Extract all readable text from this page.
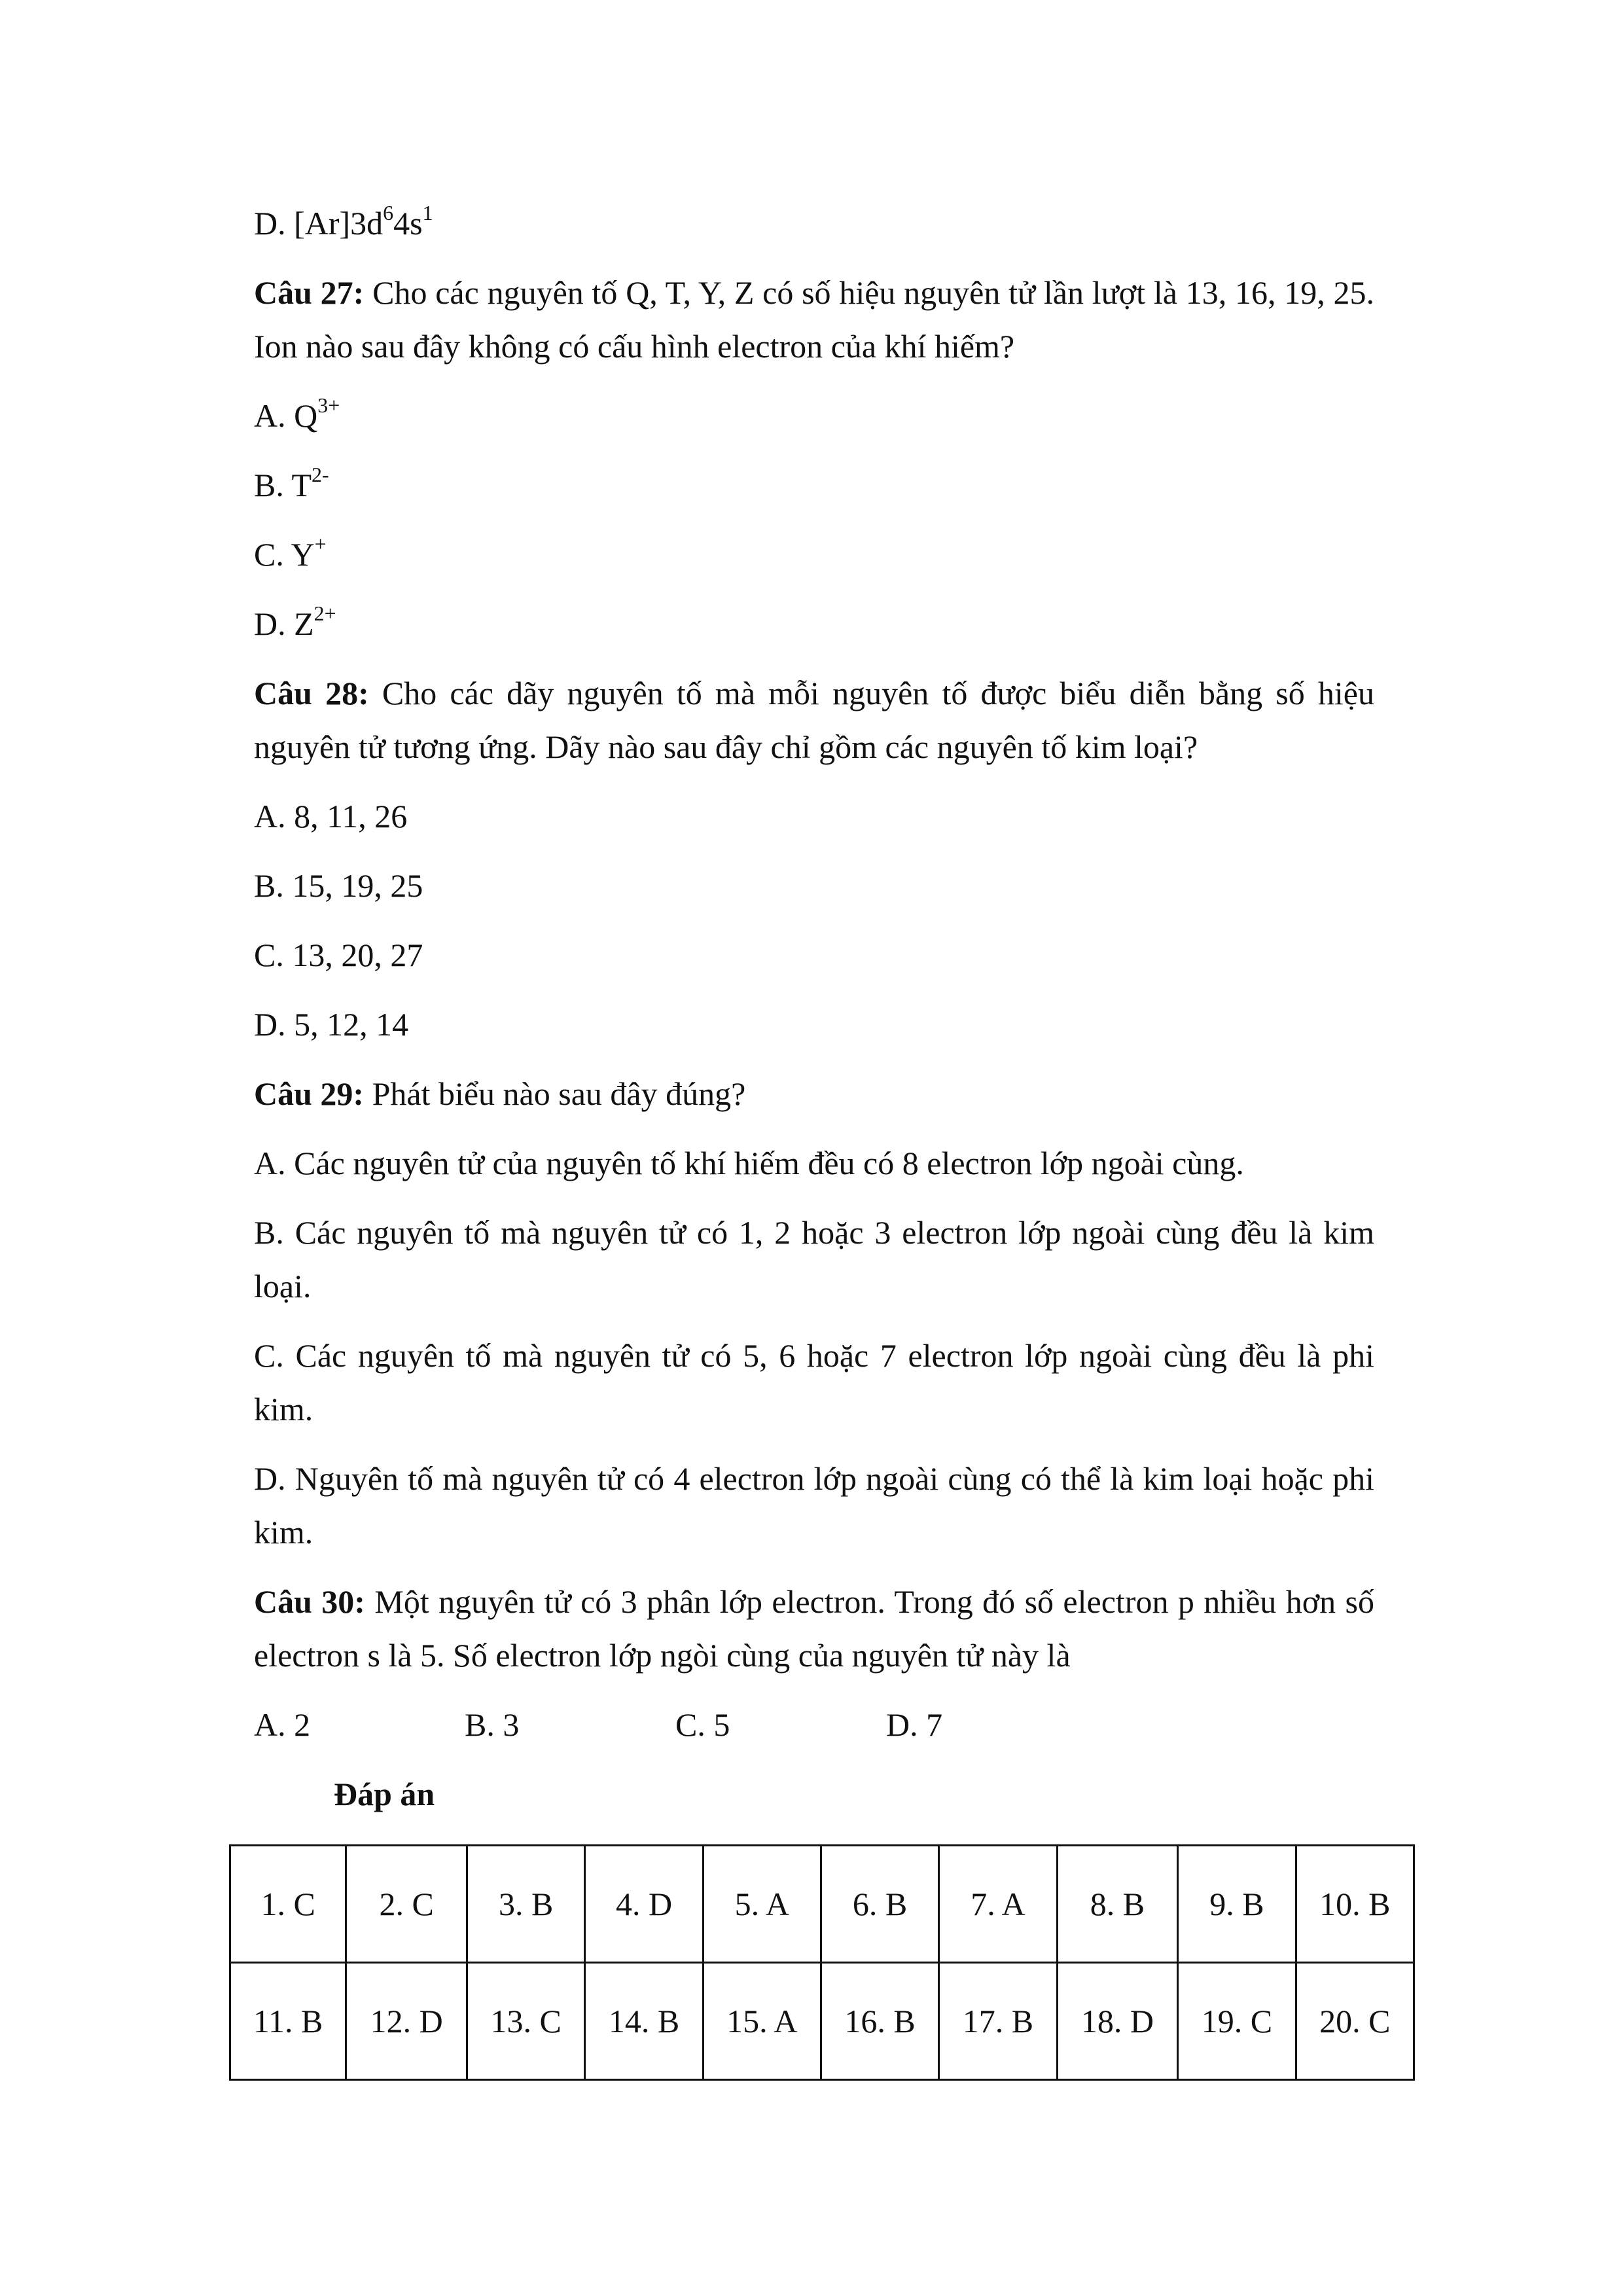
D. $[Ar]3d^64s^1$

Câu 27: Cho các nguyên tố Q, T, Y, Z có số hiệu nguyên tử lần lượt là 13, 16, 19, 25. Ion nào sau đây không có cấu hình electron của khí hiếm?

A. $Q^{3+}$

B. $T^{2-}$

C. Y+

D. $Z^{2+}$

Câu 28: Cho các dãy nguyên tố mà mỗi nguyên tố được biểu diễn bằng số hiệu nguyên tử tương ứng. Dãy nào sau đây chỉ gồm các nguyên tố kim loại?

A. 8, 11, 26

B. 15, 19, 25

C. 13, 20, 27

D. 5, 12, 14

Câu 29: Phát biểu nào sau đây đúng?

A. Các nguyên tử của nguyên tố khí hiếm đều có 8 electron lớp ngoài cùng.

B. Các nguyên tố mà nguyên tử có 1, 2 hoặc 3 electron lớp ngoài cùng đều là kim loại.

C. Các nguyên tố mà nguyên tử có 5, 6 hoặc 7 electron lớp ngoài cùng đều là phi kim.

D. Nguyên tố mà nguyên tử có 4 electron lớp ngoài cùng có thể là kim loại hoặc phi kim.

Câu 30: Một nguyên tử có 3 phân lớp electron. Trong đó số electron p nhiều hơn số electron s là 5. Số electron lớp ngòi cùng của nguyên tử này là

A. 2	B. 3	C. 5	D. 7

Đáp án

1. C	2. C	3. B	4. D	5. A	6. B	7. A	8. B	9. B	10. B
11. B	12. D	13. C	14. B	15. A	16. B	17. B	18. D	19. C	20. C
